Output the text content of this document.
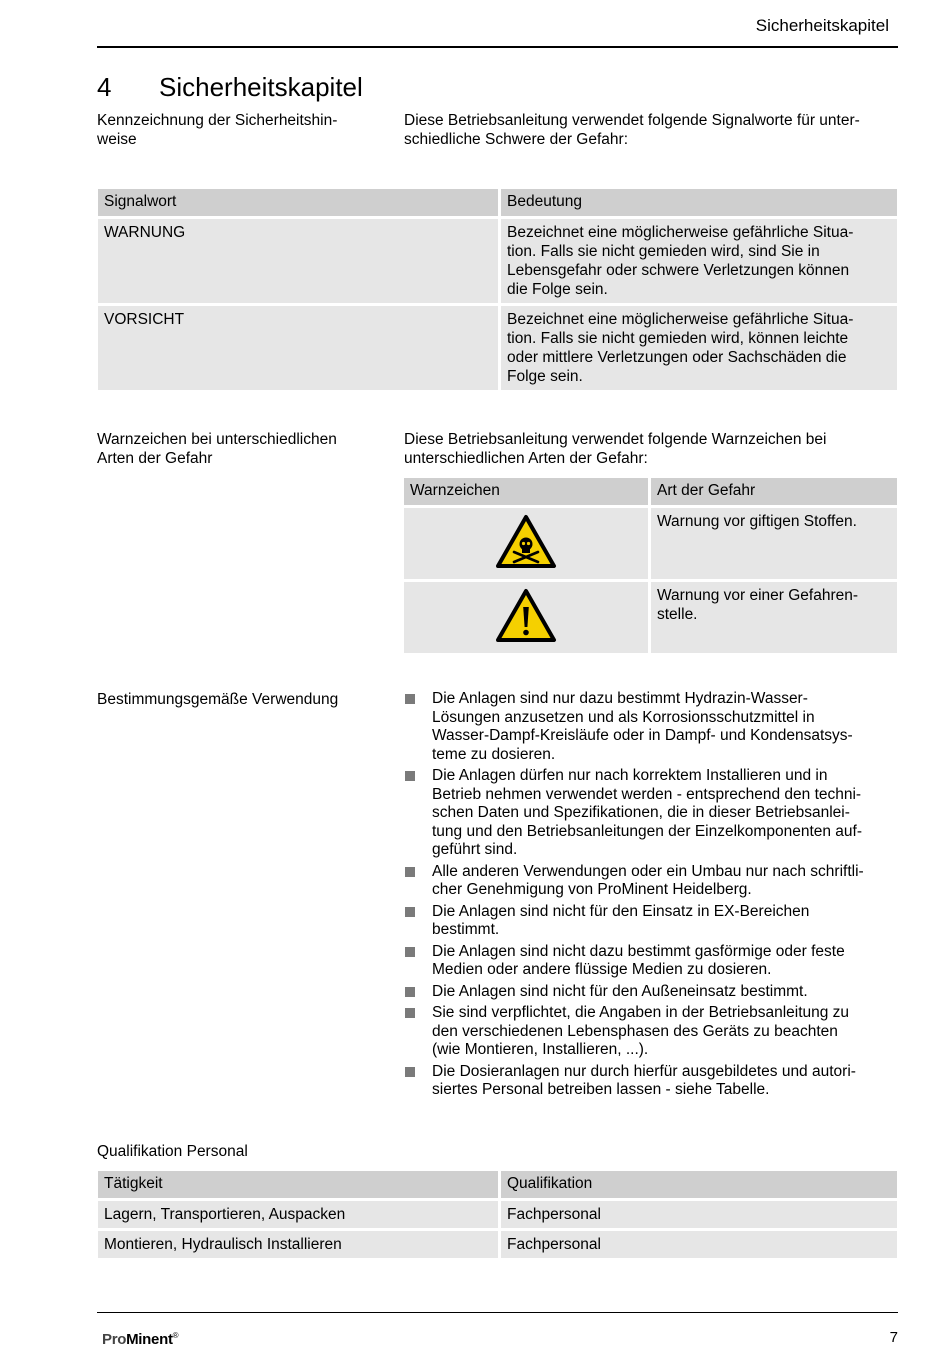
Sicherheitskapitel
4 Sicherheitskapitel
Kennzeichnung der Sicherheitshin-
weise
Diese Betriebsanleitung verwendet folgende Signalworte für unter-
schiedliche Schwere der Gefahr:
Signalwort	Bedeutung
WARNUNG	Bezeichnet eine möglicherweise gefährliche Situa-
tion. Falls sie nicht gemieden wird, sind Sie in
Lebensgefahr oder schwere Verletzungen können
die Folge sein.
VORSICHT	Bezeichnet eine möglicherweise gefährliche Situa-
tion. Falls sie nicht gemieden wird, können leichte
oder mittlere Verletzungen oder Sachschäden die
Folge sein.
Warnzeichen bei unterschiedlichen
Arten der Gefahr
Diese Betriebsanleitung verwendet folgende Warnzeichen bei
unterschiedlichen Arten der Gefahr:
Warnzeichen	Art der Gefahr
	Warnung vor giftigen Stoffen.
	Warnung vor einer Gefahren-
stelle.
Bestimmungsgemäße Verwendung	Die Anlagen sind nur dazu bestimmt Hydrazin-Wasser-
Lösungen anzusetzen und als Korrosionsschutzmittel in
Wasser-Dampf-Kreisläufe oder in Dampf- und Kondensatsys-
teme zu dosieren.
Die Anlagen dürfen nur nach korrektem Installieren und in
Betrieb nehmen verwendet werden - entsprechend den techni-
schen Daten und Spezifikationen, die in dieser Betriebsanlei-
tung und den Betriebsanleitungen der Einzelkomponenten auf-
geführt sind.
Alle anderen Verwendungen oder ein Umbau nur nach schriftli-
cher Genehmigung von ProMinent Heidelberg.
Die Anlagen sind nicht für den Einsatz in EX-Bereichen
bestimmt.
Die Anlagen sind nicht dazu bestimmt gasförmige oder feste
Medien oder andere flüssige Medien zu dosieren.
Die Anlagen sind nicht für den Außeneinsatz bestimmt.
Sie sind verpflichtet, die Angaben in der Betriebsanleitung zu
den verschiedenen Lebensphasen des Geräts zu beachten
(wie Montieren, Installieren, ...).
Die Dosieranlagen nur durch hierfür ausgebildetes und autori-
siertes Personal betreiben lassen - siehe Tabelle.
Qualifikation Personal
Tätigkeit	Qualifikation
Lagern, Transportieren, Auspacken	Fachpersonal
Montieren, Hydraulisch Installieren	Fachpersonal
ProMinent®	7
